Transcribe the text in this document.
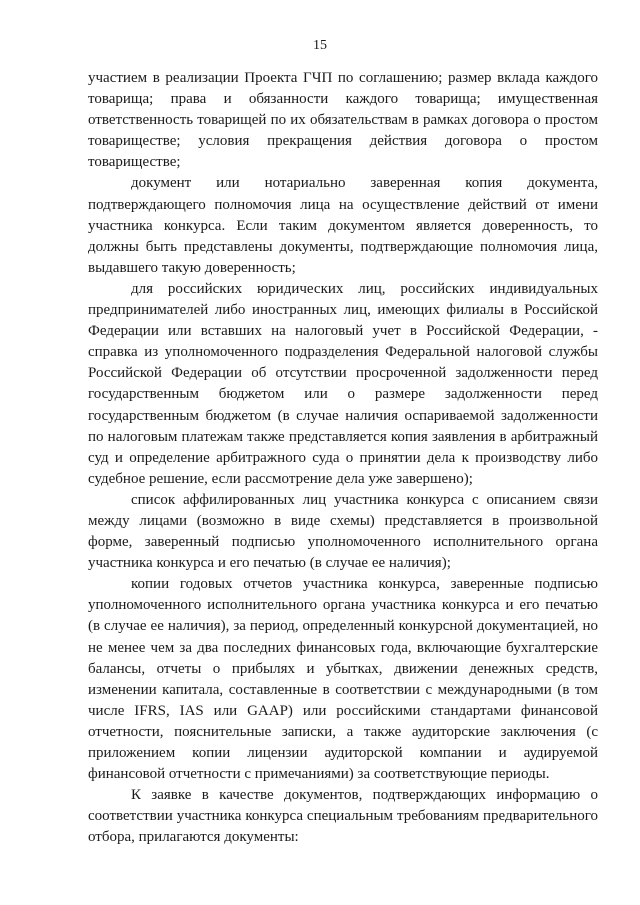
15

участием в реализации Проекта ГЧП по соглашению; размер вклада каждого товарища; права и обязанности каждого товарища; имущественная ответственность товарищей по их обязательствам в рамках договора о простом товариществе; условия прекращения действия договора о простом товариществе;

документ или нотариально заверенная копия документа, подтверждающего полномочия лица на осуществление действий от имени участника конкурса. Если таким документом является доверенность, то должны быть представлены документы, подтверждающие полномочия лица, выдавшего такую доверенность;

для российских юридических лиц, российских индивидуальных предпринимателей либо иностранных лиц, имеющих филиалы в Российской Федерации или вставших на налоговый учет в Российской Федерации, - справка из уполномоченного подразделения Федеральной налоговой службы Российской Федерации об отсутствии просроченной задолженности перед государственным бюджетом или о размере задолженности перед государственным бюджетом (в случае наличия оспариваемой задолженности по налоговым платежам также представляется копия заявления в арбитражный суд и определение арбитражного суда о принятии дела к производству либо судебное решение, если рассмотрение дела уже завершено);

список аффилированных лиц участника конкурса с описанием связи между лицами (возможно в виде схемы) представляется в произвольной форме, заверенный подписью уполномоченного исполнительного органа участника конкурса и его печатью (в случае ее наличия);

копии годовых отчетов участника конкурса, заверенные подписью уполномоченного исполнительного органа участника конкурса и его печатью (в случае ее наличия), за период, определенный конкурсной документацией, но не менее чем за два последних финансовых года, включающие бухгалтерские балансы, отчеты о прибылях и убытках, движении денежных средств, изменении капитала, составленные в соответствии с международными (в том числе IFRS, IAS или GAAP) или российскими стандартами финансовой отчетности, пояснительные записки, а также аудиторские заключения (с приложением копии лицензии аудиторской компании и аудируемой финансовой отчетности с примечаниями) за соответствующие периоды.

К заявке в качестве документов, подтверждающих информацию о соответствии участника конкурса специальным требованиям предварительного отбора, прилагаются документы:
